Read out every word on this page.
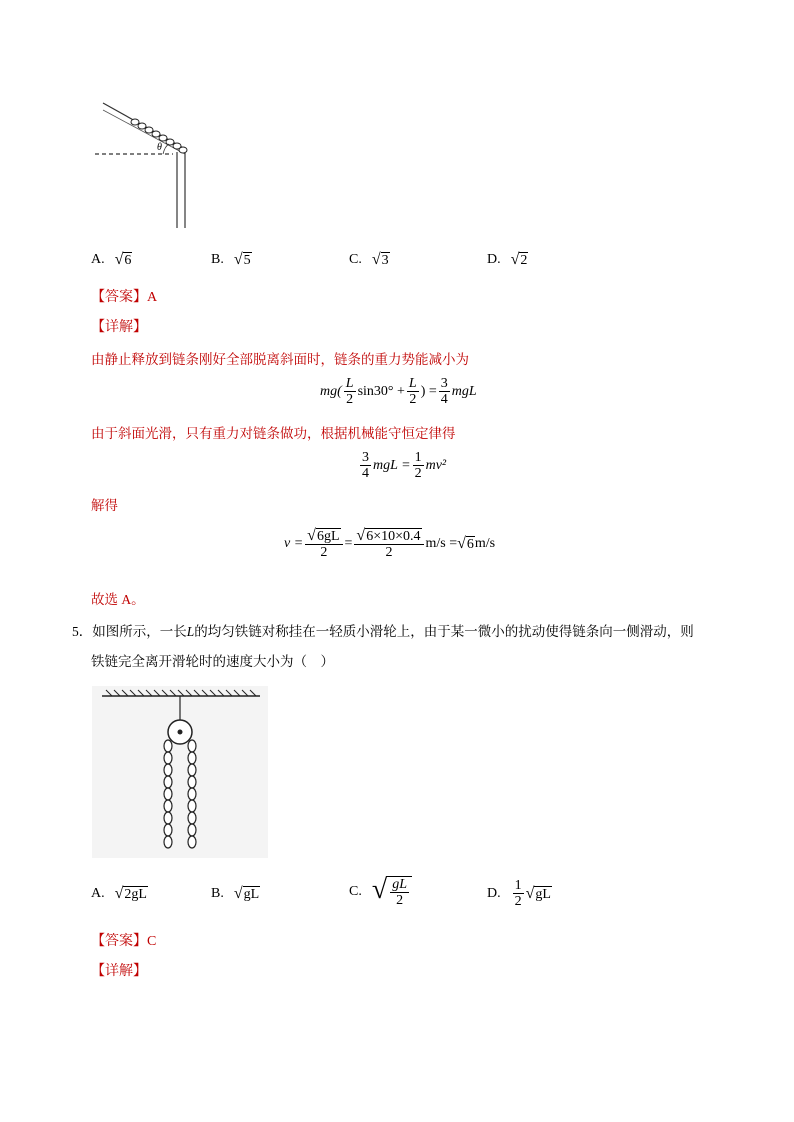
θ
A. √ 6	B. √ 5	C. √ 3	D. √ 2
【答案】A
【详解】
由静止释放到链条刚好全部脱离斜面时，链条的重力势能减小为
$mg( \frac{L}{2} \sin 30^\circ + \frac{L}{2}$ ) = $\frac{3}{4}$ mgL
由于斜面光滑，只有重力对链条做功，根据机械能守恒定律得
$\frac{3}{4}$ mgL = $\frac{1}{2} mv^2$
解得
$v = \frac{√ 6gL}{2} = \frac{√ 6\times 10\times 0.4}{2} m/s$ = √ 6 m/s
故选 A。
5．如图所示，一长L的均匀铁链对称挂在一轻质小滑轮上，由于某一微小的扰动使得链条向一侧滑动，则
铁链完全离开滑轮时的速度大小为（　）
A. √ 2gL	B. √ gL	C. √ $\frac{gL}{2}$	D. $\frac{1}{2}$ √ gL
【答案】C
【详解】
